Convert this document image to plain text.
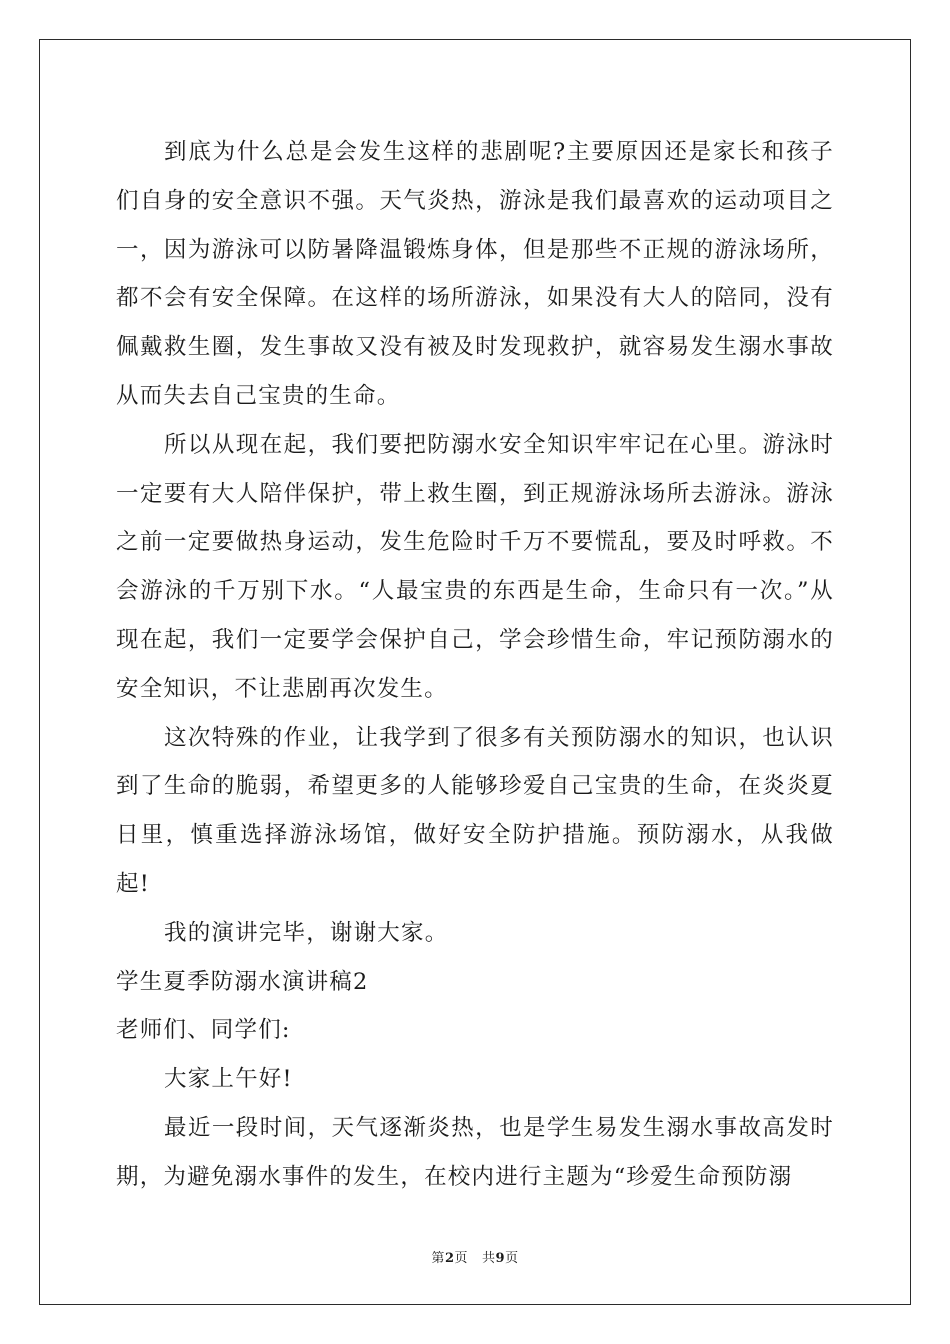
到底为什么总是会发生这样的悲剧呢?主要原因还是家长和孩子们自身的安全意识不强。天气炎热，游泳是我们最喜欢的运动项目之一，因为游泳可以防暑降温锻炼身体，但是那些不正规的游泳场所，都不会有安全保障。在这样的场所游泳，如果没有大人的陪同，没有佩戴救生圈，发生事故又没有被及时发现救护，就容易发生溺水事故从而失去自己宝贵的生命。

所以从现在起，我们要把防溺水安全知识牢牢记在心里。游泳时一定要有大人陪伴保护，带上救生圈，到正规游泳场所去游泳。游泳之前一定要做热身运动，发生危险时千万不要慌乱，要及时呼救。不会游泳的千万别下水。“人最宝贵的东西是生命，生命只有一次。”从现在起，我们一定要学会保护自己，学会珍惜生命，牢记预防溺水的安全知识，不让悲剧再次发生。

这次特殊的作业，让我学到了很多有关预防溺水的知识，也认识到了生命的脆弱，希望更多的人能够珍爱自己宝贵的生命，在炎炎夏日里，慎重选择游泳场馆，做好安全防护措施。预防溺水，从我做起!

我的演讲完毕，谢谢大家。

学生夏季防溺水演讲稿2

老师们、同学们:

大家上午好!

最近一段时间，天气逐渐炎热，也是学生易发生溺水事故高发时期，为避免溺水事件的发生，在校内进行主题为“珍爱生命预防溺

第2页 共9页
